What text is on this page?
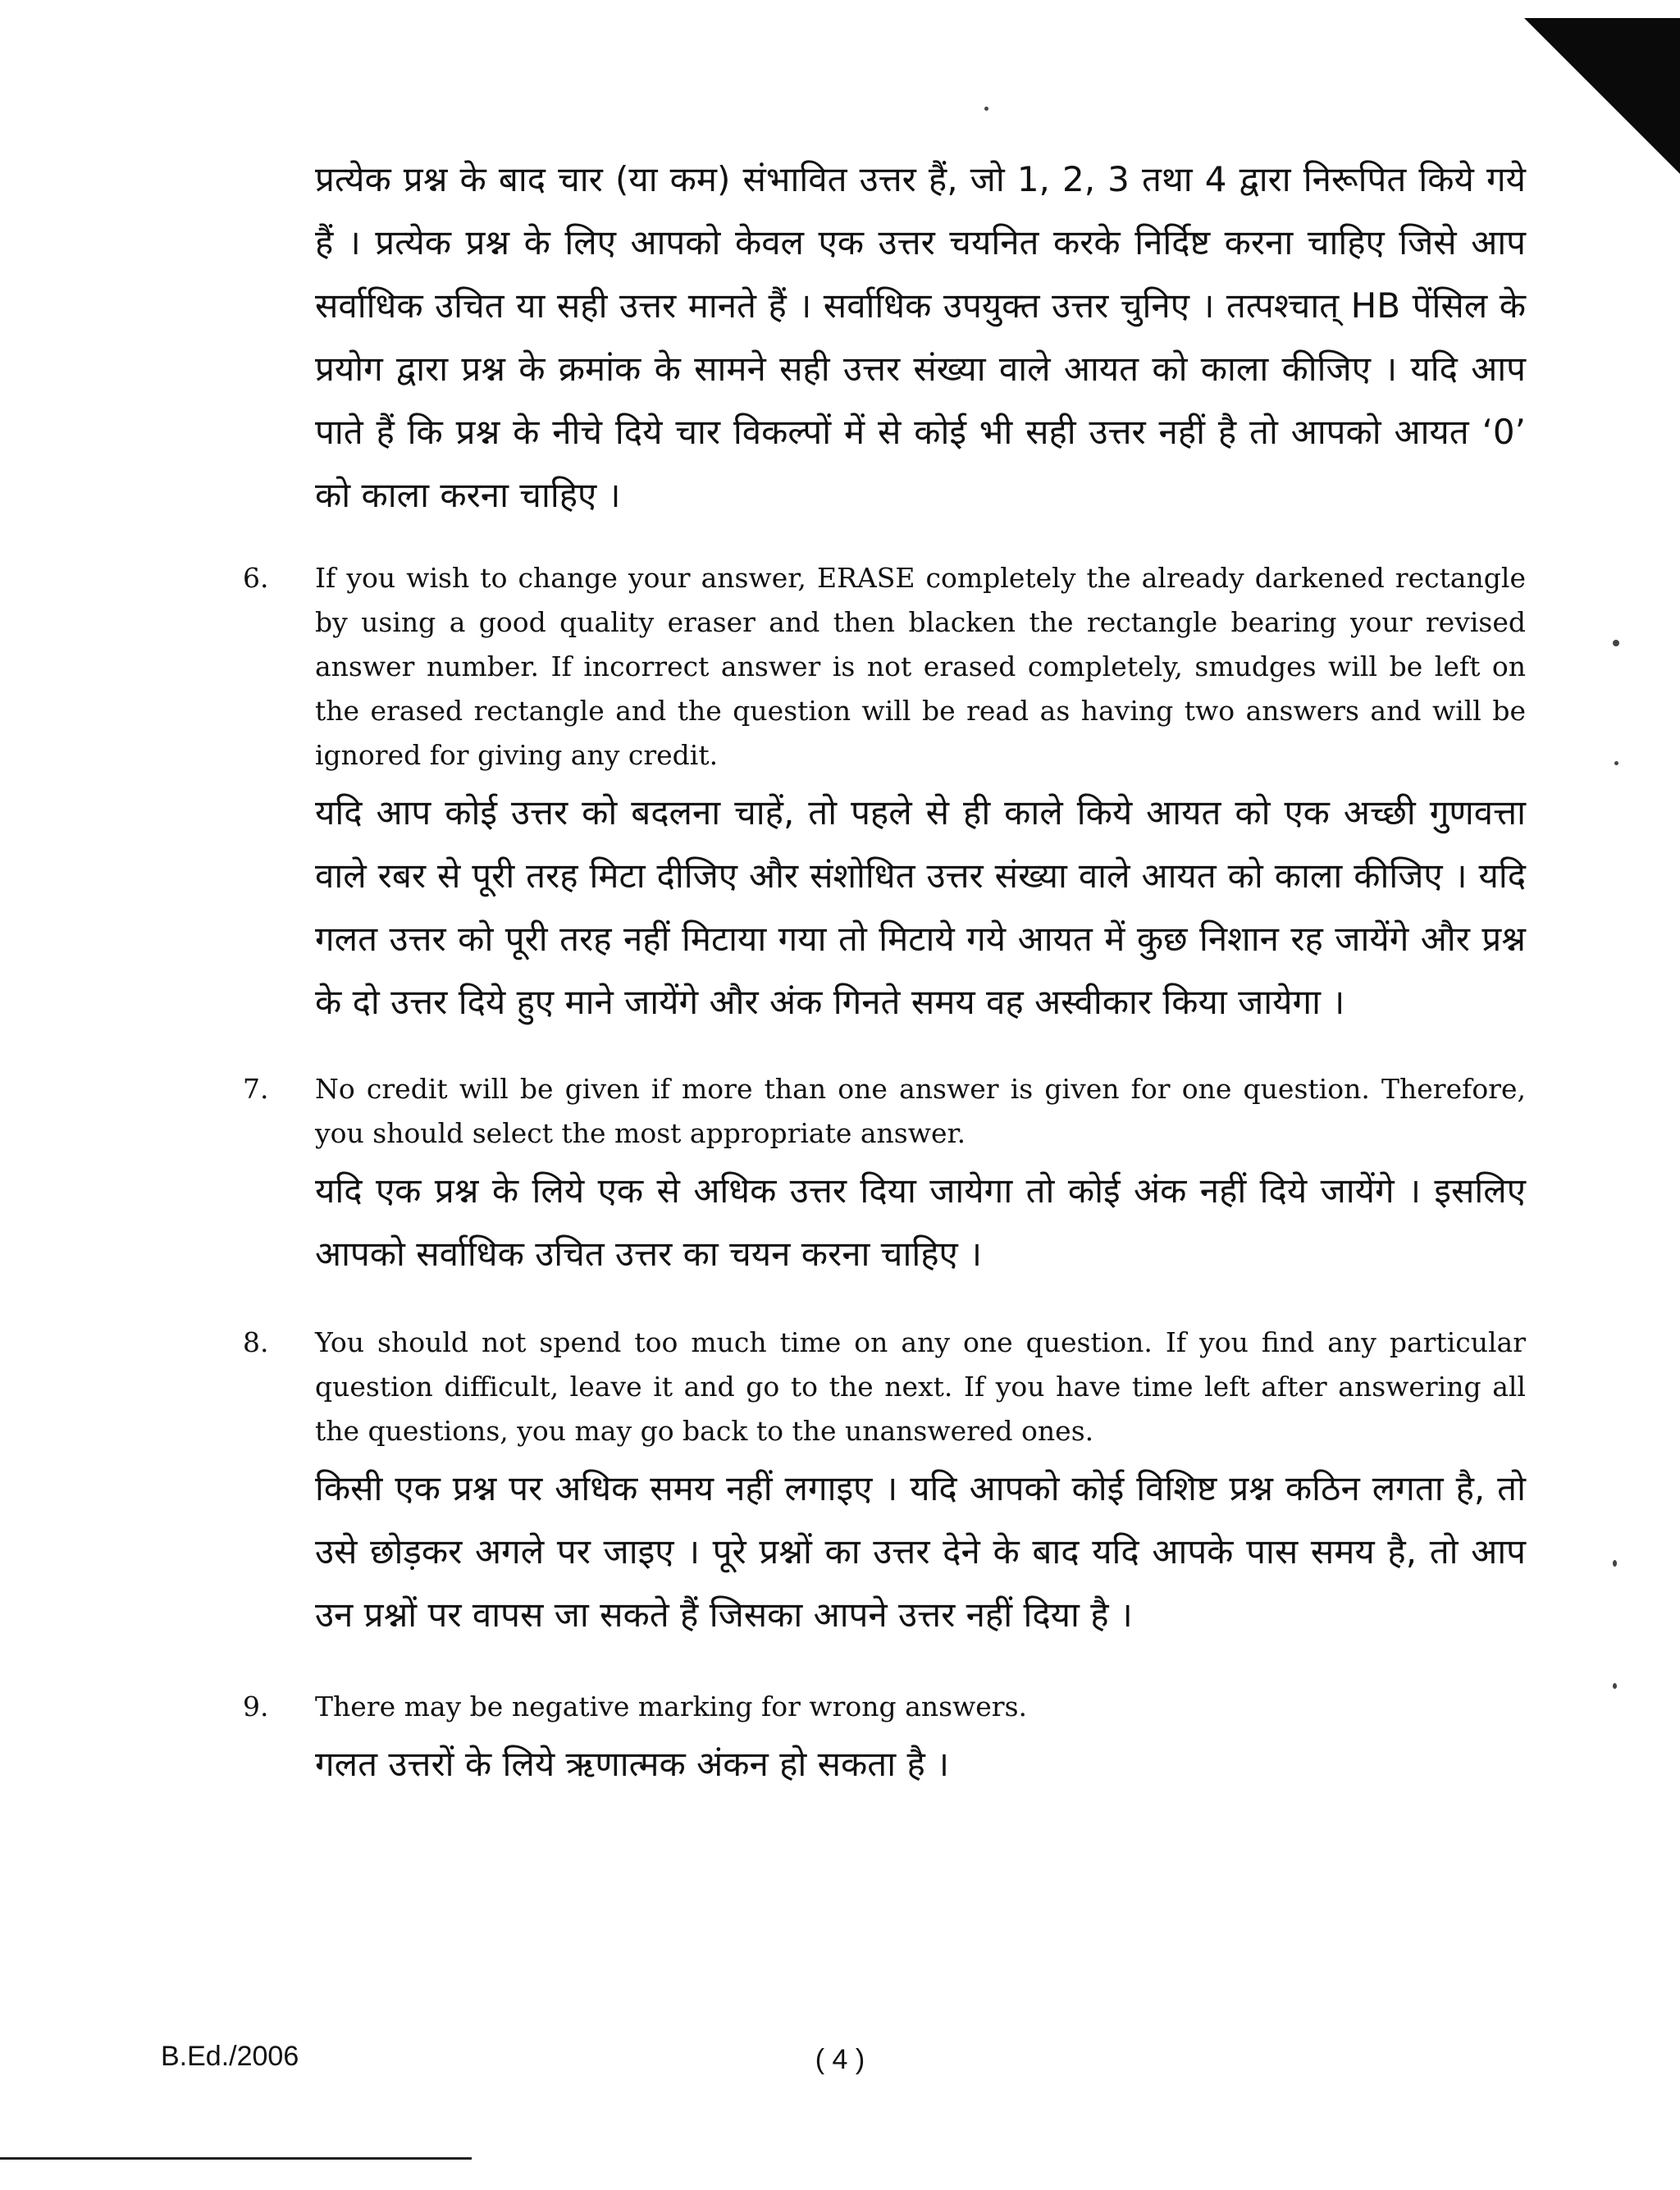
प्रत्येक प्रश्न के बाद चार (या कम) संभावित उत्तर हैं, जो 1, 2, 3 तथा 4 द्वारा निरूपित किये गये हैं । प्रत्येक प्रश्न के लिए आपको केवल एक उत्तर चयनित करके निर्दिष्ट करना चाहिए जिसे आप सर्वाधिक उचित या सही उत्तर मानते हैं । सर्वाधिक उपयुक्त उत्तर चुनिए । तत्पश्चात् HB पेंसिल के प्रयोग द्वारा प्रश्न के क्रमांक के सामने सही उत्तर संख्या वाले आयत को काला कीजिए । यदि आप पाते हैं कि प्रश्न के नीचे दिये चार विकल्पों में से कोई भी सही उत्तर नहीं है तो आपको आयत ‘0’ को काला करना चाहिए ।

6. If you wish to change your answer, ERASE completely the already darkened rectangle by using a good quality eraser and then blacken the rectangle bearing your revised answer number. If incorrect answer is not erased completely, smudges will be left on the erased rectangle and the question will be read as having two answers and will be ignored for giving any credit.

यदि आप कोई उत्तर को बदलना चाहें, तो पहले से ही काले किये आयत को एक अच्छी गुणवत्ता वाले रबर से पूरी तरह मिटा दीजिए और संशोधित उत्तर संख्या वाले आयत को काला कीजिए । यदि गलत उत्तर को पूरी तरह नहीं मिटाया गया तो मिटाये गये आयत में कुछ निशान रह जायेंगे और प्रश्न के दो उत्तर दिये हुए माने जायेंगे और अंक गिनते समय वह अस्वीकार किया जायेगा ।

7. No credit will be given if more than one answer is given for one question. Therefore, you should select the most appropriate answer.

यदि एक प्रश्न के लिये एक से अधिक उत्तर दिया जायेगा तो कोई अंक नहीं दिये जायेंगे । इसलिए आपको सर्वाधिक उचित उत्तर का चयन करना चाहिए ।

8. You should not spend too much time on any one question. If you find any particular question difficult, leave it and go to the next. If you have time left after answering all the questions, you may go back to the unanswered ones.

किसी एक प्रश्न पर अधिक समय नहीं लगाइए । यदि आपको कोई विशिष्ट प्रश्न कठिन लगता है, तो उसे छोड़कर अगले पर जाइए । पूरे प्रश्नों का उत्तर देने के बाद यदि आपके पास समय है, तो आप उन प्रश्नों पर वापस जा सकते हैं जिसका आपने उत्तर नहीं दिया है ।

9. There may be negative marking for wrong answers.

गलत उत्तरों के लिये ऋणात्मक अंकन हो सकता है ।

B.Ed./2006	( 4 )
